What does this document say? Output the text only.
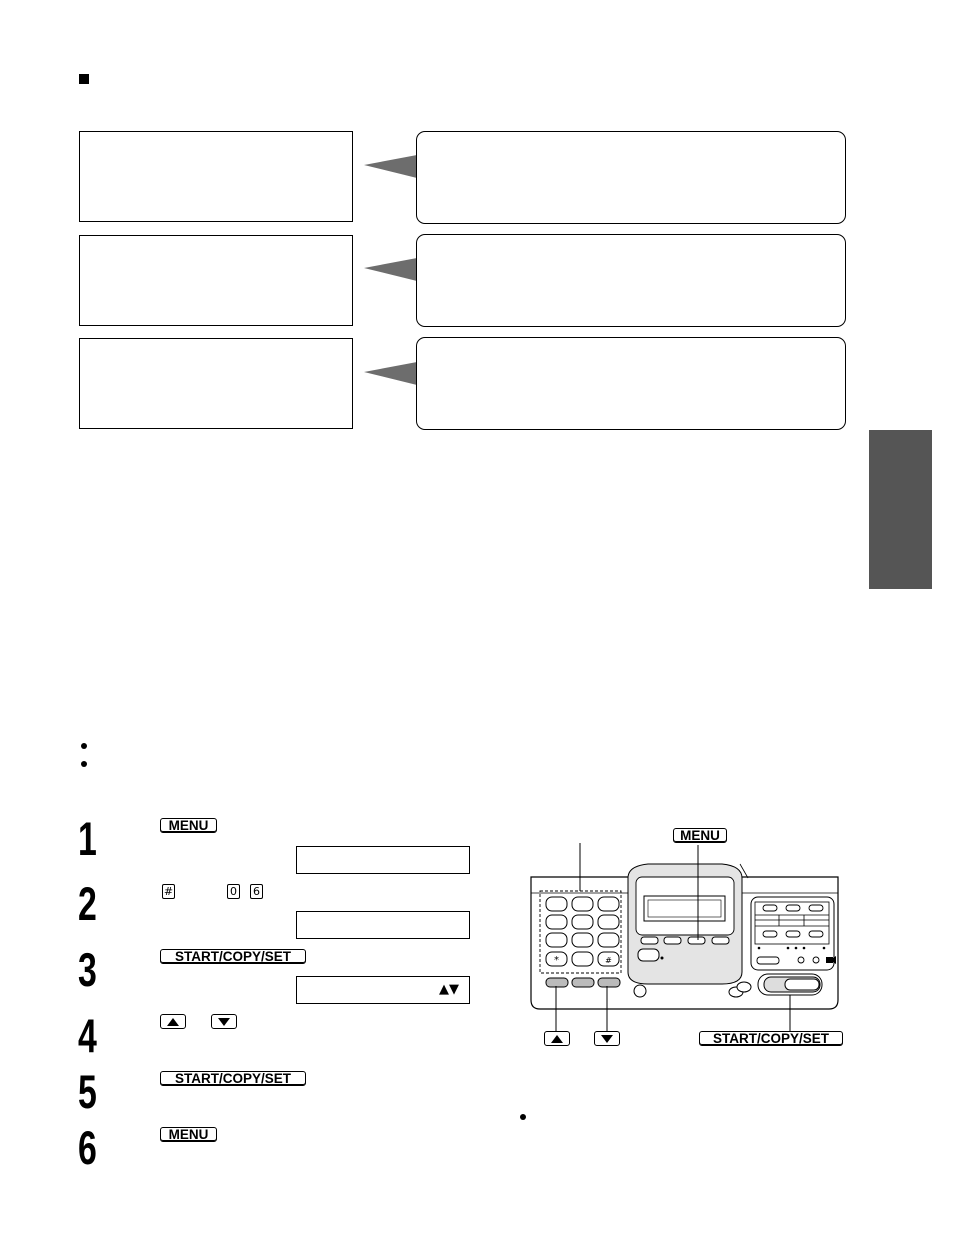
1
2
3
4
5
6
MENU
#	0 6
START/COPY/SET
▲▼
START/COPY/SET
MENU
MENU
START/COPY/SET
*	#
